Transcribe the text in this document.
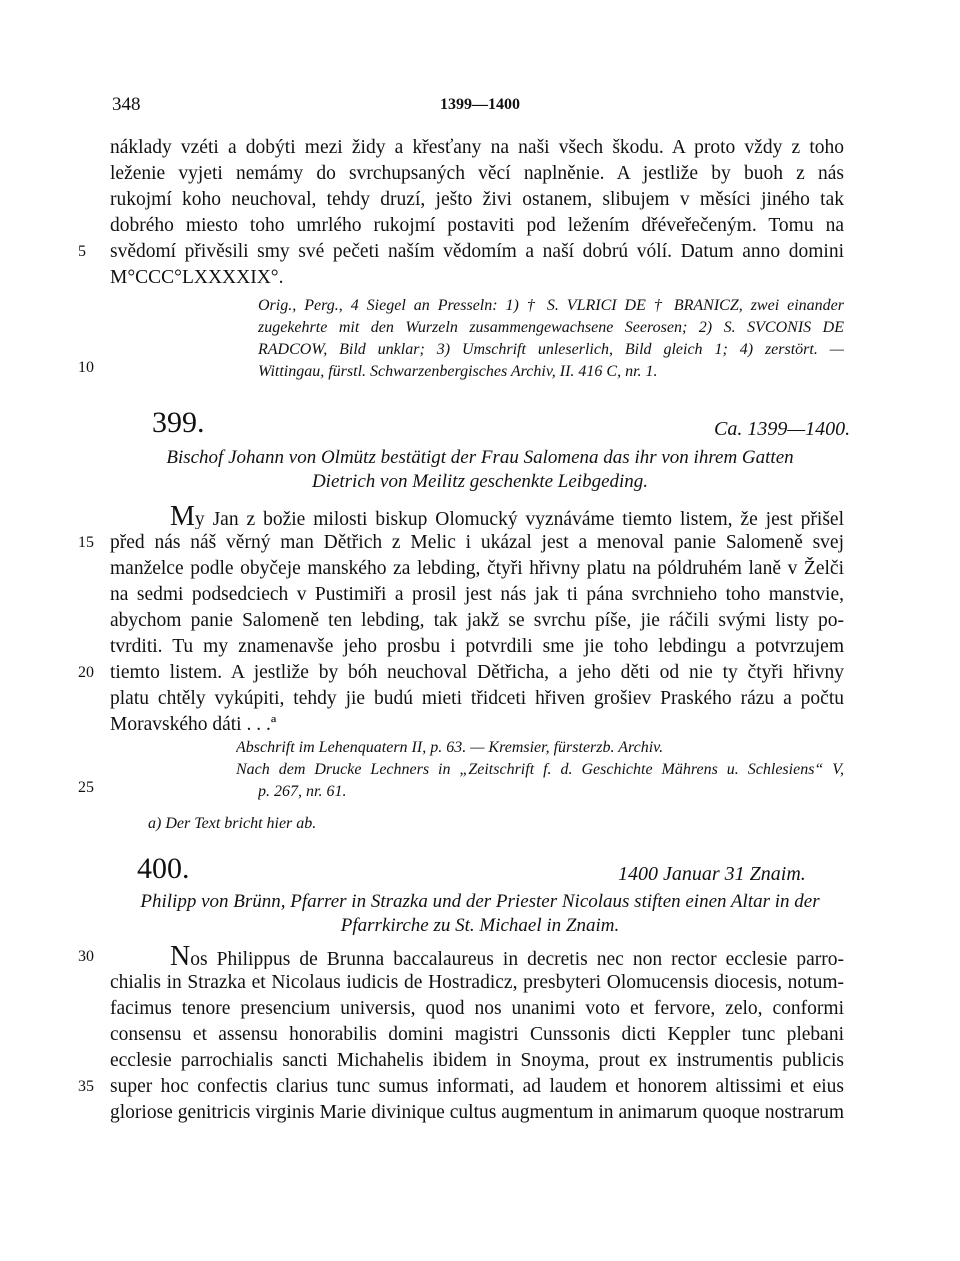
348	1399—1400
náklady vzéti a dobýti mezi židy a křesťany na naši všech škodu. A proto vždy z toho
leženie vyjeti nemámy do svrchupsaných věcí naplněnie. A jestliže by buoh z nás
rukojmí koho neuchoval, tehdy druzí, ješto živi ostanem, slibujem v měsíci jiného tak
dobrého miesto toho umrlého rukojmí postaviti pod ležením dřéveřečeným. Tomu na
svědomí přivěsili smy své pečeti naším vědomím a naší dobrú vólí. Datum anno domini
M°CCC°LXXXXIX°.
Orig., Perg., 4 Siegel an Presseln: 1) † S. VLRICI DE † BRANICZ, zwei einander
zugekehrte mit den Wurzeln zusammengewachsene Seerosen; 2) S. SVCONIS DE
RADCOW, Bild unklar; 3) Umschrift unleserlich, Bild gleich 1; 4) zerstört. —
Wittingau, fürstl. Schwarzenbergisches Archiv, II. 416 C, nr. 1.
399.	Ca. 1399—1400.
Bischof Johann von Olmütz bestätigt der Frau Salomena das ihr von ihrem Gatten
Dietrich von Meilitz geschenkte Leibgeding.
My Jan z božie milosti biskup Olomucký vyznáváme tiemto listem, že jest přišel
před nás náš věrný man Dětřich z Melic i ukázal jest a menoval panie Salomeně svej
manželce podle obyčeje manského za lebding, čtyři hřivny platu na póldruhém laně v Želči
na sedmi podsedciech v Pustimiři a prosil jest nás jak ti pána svrchnieho toho manstvie,
abychom panie Salomeně ten lebding, tak jakž se svrchu píše, jie ráčili svými listy po-
tvrditi. Tu my znamenavše jeho prosbu i potvrdili sme jie toho lebdingu a potvrzujem
tiemto listem. A jestliže by bóh neuchoval Dětřicha, a jeho děti od nie ty čtyři hřivny
platu chtěly vykúpiti, tehdy jie budú mieti třidceti hřiven grošiev Praského rázu a počtu
Moravského dáti . . .ª
Abschrift im Lehenquatern II, p. 63. — Kremsier, fürsterzb. Archiv.
Nach dem Drucke Lechners in „Zeitschrift f. d. Geschichte Mährens u. Schlesiens“ V,
p. 267, nr. 61.
a) Der Text bricht hier ab.
400.	1400 Januar 31 Znaim.
Philipp von Brünn, Pfarrer in Strazka und der Priester Nicolaus stiften einen Altar in der
Pfarrkirche zu St. Michael in Znaim.
Nos Philippus de Brunna baccalaureus in decretis nec non rector ecclesie parro-
chialis in Strazka et Nicolaus iudicis de Hostradicz, presbyteri Olomucensis diocesis, notum-
facimus tenore presencium universis, quod nos unanimi voto et fervore, zelo, conformi
consensu et assensu honorabilis domini magistri Cunssonis dicti Keppler tunc plebani
ecclesie parrochialis sancti Michahelis ibidem in Snoyma, prout ex instrumentis publicis
super hoc confectis clarius tunc sumus informati, ad laudem et honorem altissimi et eius
gloriose genitricis virginis Marie divinique cultus augmentum in animarum quoque nostrarum
5
10
15
20
25
30
35
